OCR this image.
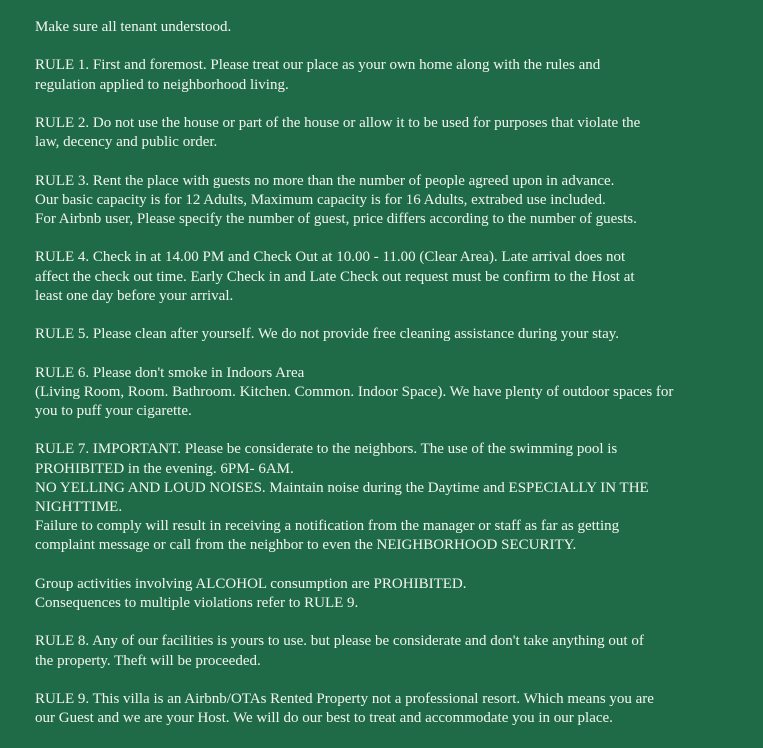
Make sure all tenant understood.
RULE 1. First and foremost. Please treat our place as your own home along with the rules and
regulation applied to neighborhood living.
RULE 2. Do not use the house or part of the house or allow it to be used for purposes that violate the
law, decency and public order.
RULE 3. Rent the place with guests no more than the number of people agreed upon in advance.
Our basic capacity is for 12 Adults, Maximum capacity is for 16 Adults, extrabed use included.
For Airbnb user, Please specify the number of guest, price differs according to the number of guests.
RULE 4. Check in at 14.00 PM and Check Out at 10.00 - 11.00 (Clear Area). Late arrival does not
affect the check out time. Early Check in and Late Check out request must be confirm to the Host at
least one day before your arrival.
RULE 5. Please clean after yourself. We do not provide free cleaning assistance during your stay.
RULE 6. Please don't smoke in Indoors Area
(Living Room, Room. Bathroom. Kitchen. Common. Indoor Space). We have plenty of outdoor spaces for
you to puff your cigarette.
RULE 7. IMPORTANT. Please be considerate to the neighbors. The use of the swimming pool is
PROHIBITED in the evening. 6PM- 6AM.
NO YELLING AND LOUD NOISES. Maintain noise during the Daytime and ESPECIALLY IN THE
NIGHTTIME.
Failure to comply will result in receiving a notification from the manager or staff as far as getting
complaint message or call from the neighbor to even the NEIGHBORHOOD SECURITY.
Group activities involving ALCOHOL consumption are PROHIBITED.
Consequences to multiple violations refer to RULE 9.
RULE 8. Any of our facilities is yours to use. but please be considerate and don't take anything out of
the property. Theft will be proceeded.
RULE 9. This villa is an Airbnb/OTAs Rented Property not a professional resort. Which means you are
our Guest and we are your Host. We will do our best to treat and accommodate you in our place.
